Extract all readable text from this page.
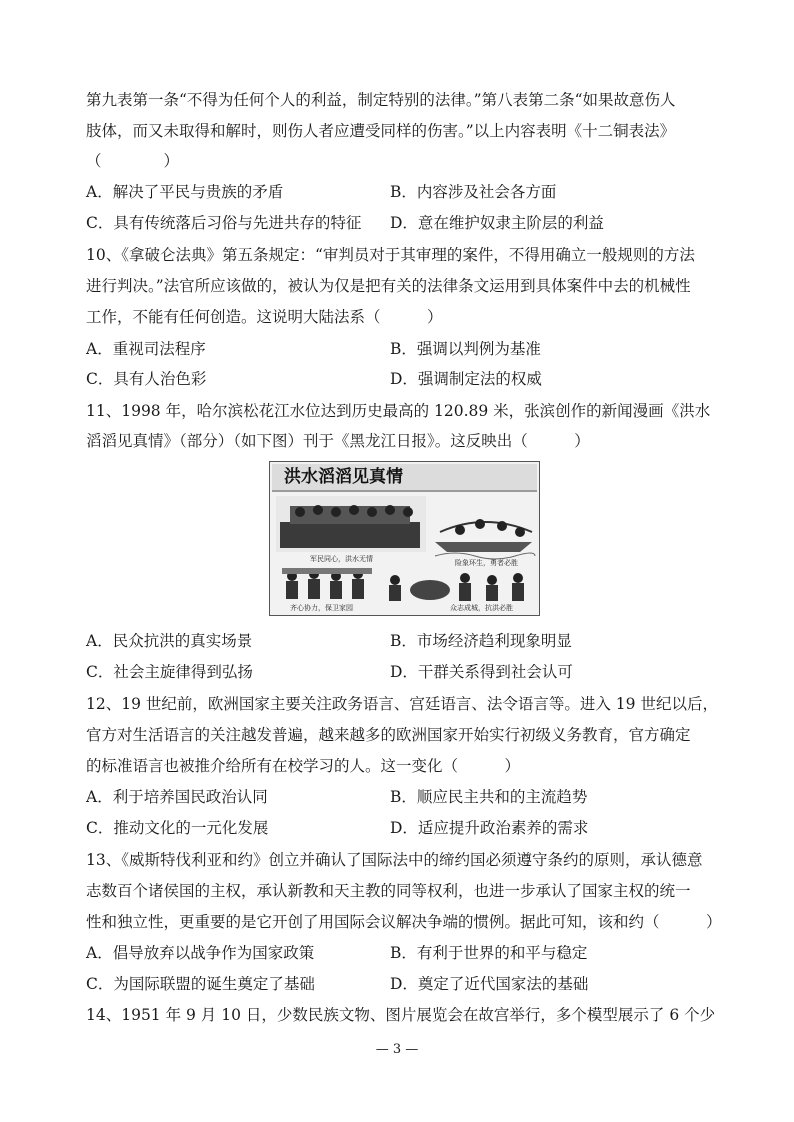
第九表第一条“不得为任何个人的利益，制定特别的法律。”第八表第二条“如果故意伤人
肢体，而又未取得和解时，则伤人者应遭受同样的伤害。”以上内容表明《十二铜表法》
（　　　　）
A．解决了平民与贵族的矛盾	B．内容涉及社会各方面
C．具有传统落后习俗与先进共存的特征 D．意在维护奴隶主阶层的利益
10、《拿破仑法典》第五条规定：“审判员对于其审理的案件，不得用确立一般规则的方法
进行判决。”法官所应该做的，被认为仅是把有关的法律条文运用到具体案件中去的机械性
工作，不能有任何创造。这说明大陆法系（　　　）
A．重视司法程序	B．强调以判例为基准
C．具有人治色彩	D．强调制定法的权威
11、1998 年，哈尔滨松花江水位达到历史最高的 120.89 米，张滨创作的新闻漫画《洪水
滔滔见真情》（部分）（如下图）刊于《黑龙江日报》。这反映出（　　　）
洪水滔滔见真情
军民同心，洪水无情	险象环生，勇者必胜
齐心协力，保卫家园	众志成城，抗洪必胜
A．民众抗洪的真实场景	B．市场经济趋利现象明显
C．社会主旋律得到弘扬	D．干群关系得到社会认可
12、19 世纪前，欧洲国家主要关注政务语言、宫廷语言、法令语言等。进入 19 世纪以后，
官方对生活语言的关注越发普遍，越来越多的欧洲国家开始实行初级义务教育，官方确定
的标准语言也被推介给所有在校学习的人。这一变化（　　　）
A．利于培养国民政治认同	B．顺应民主共和的主流趋势
C．推动文化的一元化发展	D．适应提升政治素养的需求
13、《威斯特伐利亚和约》创立并确认了国际法中的缔约国必须遵守条约的原则，承认德意
志数百个诸侯国的主权，承认新教和天主教的同等权利，也进一步承认了国家主权的统一
性和独立性，更重要的是它开创了用国际会议解决争端的惯例。据此可知，该和约（　　　）
A．倡导放弃以战争作为国家政策	B．有利于世界的和平与稳定
C．为国际联盟的诞生奠定了基础	D．奠定了近代国家法的基础
14、1951 年 9 月 10 日，少数民族文物、图片展览会在故宫举行，多个模型展示了 6 个少
— 3 —
